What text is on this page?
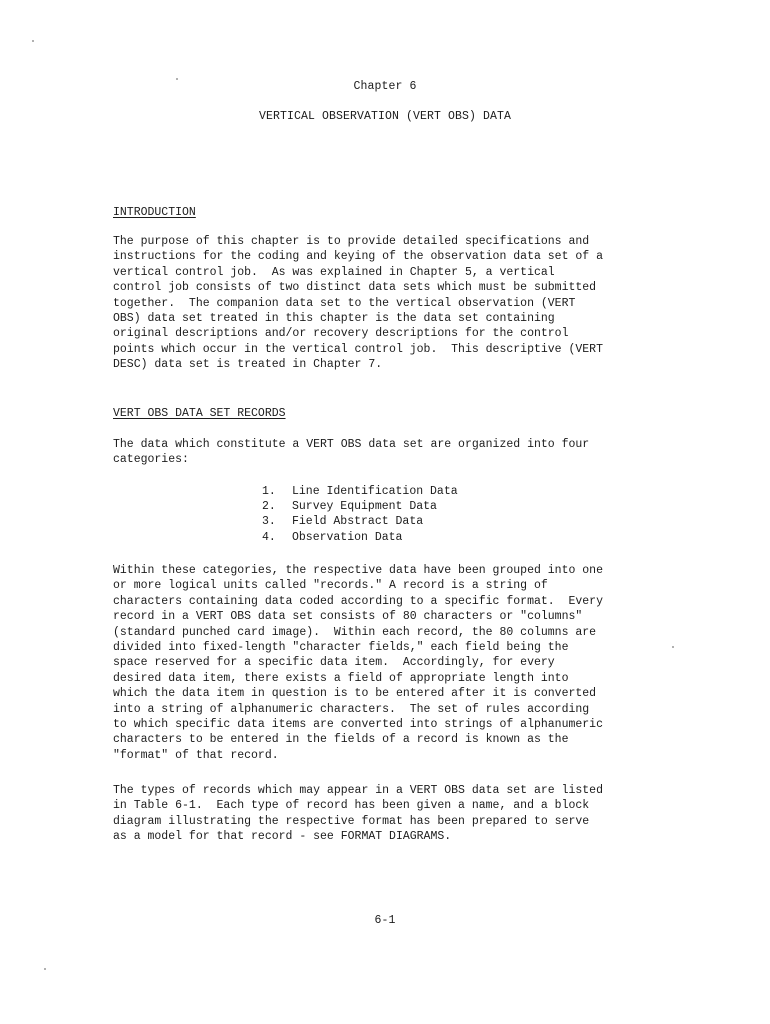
Chapter 6

VERTICAL OBSERVATION (VERT OBS) DATA

INTRODUCTION

The purpose of this chapter is to provide detailed specifications and
instructions for the coding and keying of the observation data set of a
vertical control job.  As was explained in Chapter 5, a vertical
control job consists of two distinct data sets which must be submitted
together.  The companion data set to the vertical observation (VERT
OBS) data set treated in this chapter is the data set containing
original descriptions and/or recovery descriptions for the control
points which occur in the vertical control job.  This descriptive (VERT
DESC) data set is treated in Chapter 7.

VERT OBS DATA SET RECORDS

The data which constitute a VERT OBS data set are organized into four
categories:
1. Line Identification Data
2. Survey Equipment Data
3. Field Abstract Data
4. Observation Data
Within these categories, the respective data have been grouped into one
or more logical units called "records." A record is a string of
characters containing data coded according to a specific format.  Every
record in a VERT OBS data set consists of 80 characters or "columns"
(standard punched card image).  Within each record, the 80 columns are
divided into fixed-length "character fields," each field being the
space reserved for a specific data item.  Accordingly, for every
desired data item, there exists a field of appropriate length into
which the data item in question is to be entered after it is converted
into a string of alphanumeric characters.  The set of rules according
to which specific data items are converted into strings of alphanumeric
characters to be entered in the fields of a record is known as the
"format" of that record.
The types of records which may appear in a VERT OBS data set are listed
in Table 6-1.  Each type of record has been given a name, and a block
diagram illustrating the respective format has been prepared to serve
as a model for that record - see FORMAT DIAGRAMS.

6-1
